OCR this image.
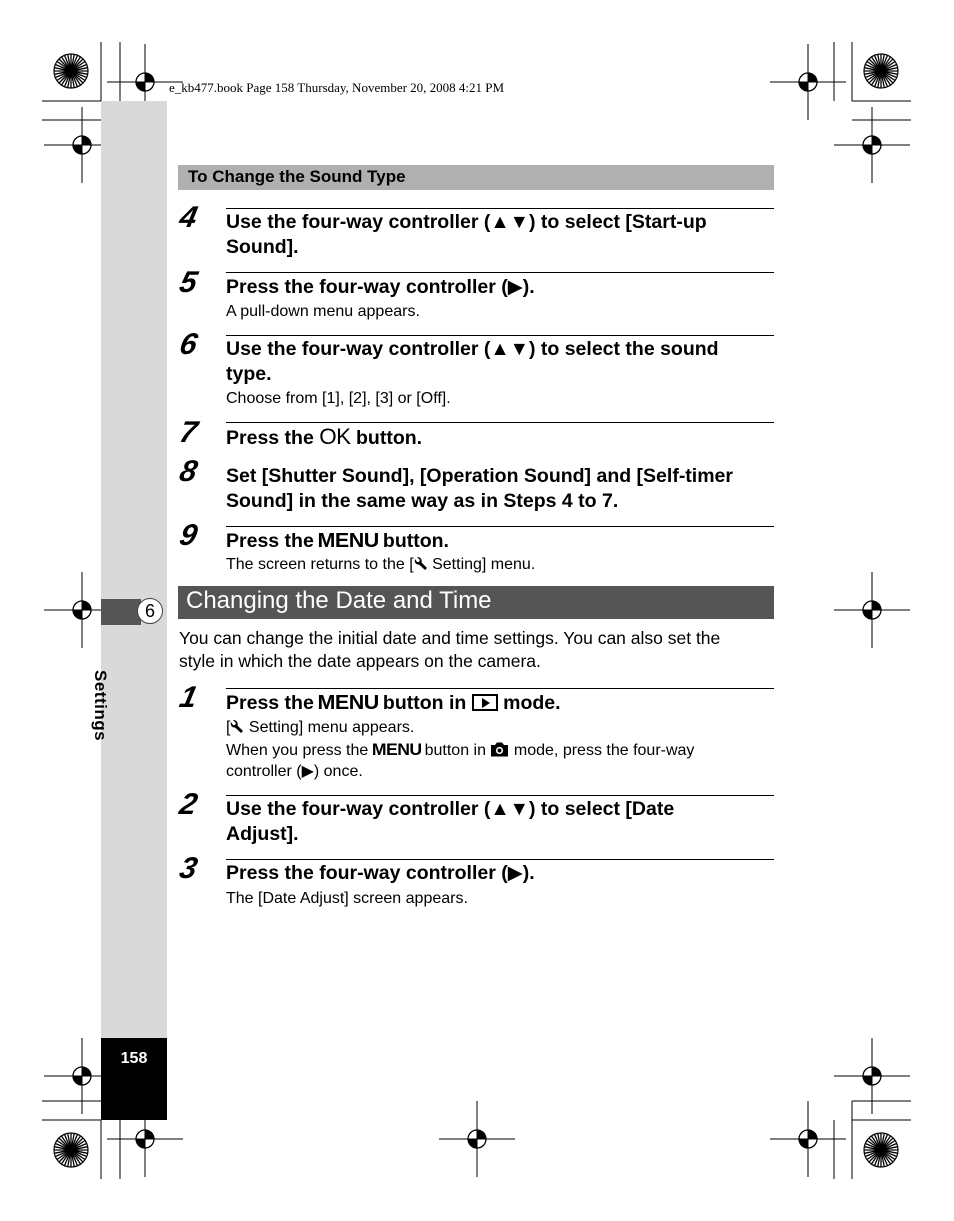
e_kb477.book Page 158 Thursday, November 20, 2008 4:21 PM
6
Settings
158
To Change the Sound Type
4 Use the four-way controller (▲▼) to select [Start-up
Sound].
5 Press the four-way controller (▶).
A pull-down menu appears.
6 Use the four-way controller (▲▼) to select the sound
type.
Choose from [1], [2], [3] or [Off].
7 Press the OK button.
8 Set [Shutter Sound], [Operation Sound] and [Self-timer
Sound] in the same way as in Steps 4 to 7.
9 Press the MENU button.
The screen returns to the [ Setting] menu.
Changing the Date and Time
You can change the initial date and time settings. You can also set the
style in which the date appears on the camera.
1 Press the MENU button in  mode.
[ Setting] menu appears.
When you press the MENU button in  mode, press the four-way
controller (▶) once.
2 Use the four-way controller (▲▼) to select [Date
Adjust].
3 Press the four-way controller (▶).
The [Date Adjust] screen appears.
